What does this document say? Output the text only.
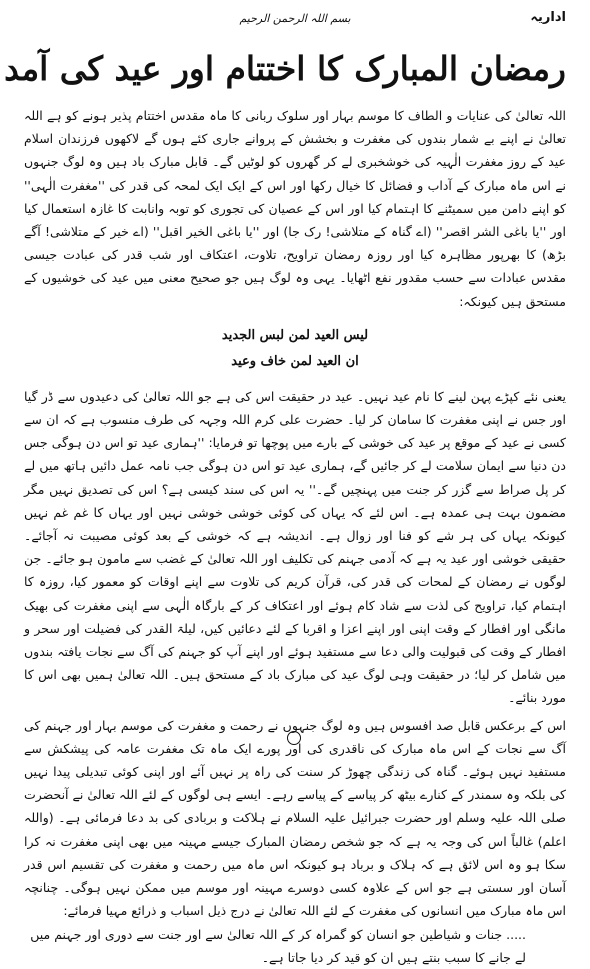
اداریہ
بسم اللہ الرحمن الرحیم
رمضان المبارک کا اختتام اور عید کی آمد

اللہ تعالیٰ کی عنایات و الطاف کا موسم بہار اور سلوک ربانی کا ماہ مقدس اختتام پذیر ہونے کو ہے اللہ تعالیٰ نے اپنے بے شمار بندوں کی مغفرت و بخشش کے پروانے جاری کئے ہوں گے لاکھوں فرزندان اسلام عید کے روز مغفرت الٰہیہ کی خوشخبری لے کر گھروں کو لوٹیں گے۔ قابل مبارک باد ہیں وہ لوگ جنہوں نے اس ماہ مبارک کے آداب و فضائل کا خیال رکھا اور اس کے ایک ایک لمحہ کی قدر کی ''مغفرت الٰہی'' کو اپنے دامن میں سمیٹنے کا اہتمام کیا اور اس کے عصیان کی تجوری کو توبہ وانابت کا غازہ استعمال کیا اور ''یا باغی الشر اقصر'' (اے گناہ کے متلاشی! رک جا) اور ''یا باغی الخیر اقبل'' (اے خیر کے متلاشی! آگے بڑھ) کا بھرپور مظاہرہ کیا اور روزہ رمضان تراویح، تلاوت، اعتکاف اور شب قدر کی عبادت جیسی مقدس عبادات سے حسب مقدور نفع اٹھایا۔ یہی وہ لوگ ہیں جو صحیح معنی میں عید کی خوشیوں کے مستحق ہیں کیونکہ:

ليس العيد لمن لبس الجديد
ان العيد لمن خاف وعيد

یعنی نئے کپڑے پہن لینے کا نام عید نہیں۔ عید در حقیقت اس کی ہے جو اللہ تعالیٰ کی دعیدوں سے ڈر گیا اور جس نے اپنی مغفرت کا سامان کر لیا۔ حضرت علی کرم اللہ وجہہ کی طرف منسوب ہے کہ ان سے کسی نے عید کے موقع پر عید کی خوشی کے بارے میں پوچھا تو فرمایا: ''ہماری عید تو اس دن ہوگی جس دن دنیا سے ایمان سلامت لے کر جائیں گے، ہماری عید تو اس دن ہوگی جب نامہ عمل دائیں ہاتھ میں لے کر پل صراط سے گزر کر جنت میں پہنچیں گے۔'' یہ اس کی سند کیسی ہے؟ اس کی تصدیق نہیں مگر مضمون بہت ہی عمدہ ہے۔ اس لئے کہ یہاں کی کوئی خوشی خوشی نہیں اور یہاں کا غم غم نہیں کیونکہ یہاں کی ہر شے کو فنا اور زوال ہے۔ اندیشہ ہے کہ خوشی کے بعد کوئی مصیبت نہ آجائے۔ حقیقی خوشی اور عید یہ ہے کہ آدمی جہنم کی تکلیف اور اللہ تعالیٰ کے غضب سے مامون ہو جائے۔ جن لوگوں نے رمضان کے لمحات کی قدر کی، قرآن کریم کی تلاوت سے اپنے اوقات کو معمور کیا، روزہ کا اہتمام کیا، تراویح کی لذت سے شاد کام ہوئے اور اعتکاف کر کے بارگاہ الٰہی سے اپنی مغفرت کی بھیک مانگی اور افطار کے وقت اپنی اور اپنے اعزا و اقربا کے لئے دعائیں کیں، لیلۃ القدر کی فضیلت اور سحر و افطار کے وقت کی قبولیت والی دعا سے مستفید ہوئے اور اپنے آپ کو جہنم کی آگ سے نجات یافتہ بندوں میں شامل کر لیا؛ در حقیقت وہی لوگ عید کی مبارک باد کے مستحق ہیں۔ اللہ تعالیٰ ہمیں بھی اس کا مورد بنائے۔

اس کے برعکس قابل صد افسوس ہیں وہ لوگ جنہوں نے رحمت و مغفرت کی موسم بہار اور جہنم کی آگ سے نجات کے اس ماہ مبارک کی ناقدری کی اور پورے ایک ماہ تک مغفرت عامہ کی پیشکش سے مستفید نہیں ہوئے۔ گناہ کی زندگی چھوڑ کر سنت کی راہ پر نہیں آئے اور اپنی کوئی تبدیلی پیدا نہیں کی بلکہ وہ سمندر کے کنارے بیٹھ کر پیاسے کے پیاسے رہے۔ ایسے ہی لوگوں کے لئے اللہ تعالیٰ نے آنحضرت صلی اللہ علیہ وسلم اور حضرت جبرائیل علیہ السلام نے ہلاکت و بربادی کی بد دعا فرمائی ہے۔ (واللہ اعلم) غالباً اس کی وجہ یہ ہے کہ جو شخص رمضان المبارک جیسے مہینہ میں بھی اپنی مغفرت نہ کرا سکا ہو وہ اس لائق ہے کہ ہلاک و برباد ہو کیونکہ اس ماہ میں رحمت و مغفرت کی تقسیم اس قدر آسان اور سستی ہے جو اس کے علاوہ کسی دوسرے مہینہ اور موسم میں ممکن نہیں ہوگی۔ چنانچہ اس ماہ مبارک میں انسانوں کی مغفرت کے لئے اللہ تعالیٰ نے درج ذیل اسباب و ذرائع مہیا فرمائے:

..... جنات و شیاطین جو انسان کو گمراہ کر کے اللہ تعالیٰ سے اور جنت سے دوری اور جہنم میں لے جانے کا سبب بنتے ہیں ان کو قید کر دیا جاتا ہے۔
